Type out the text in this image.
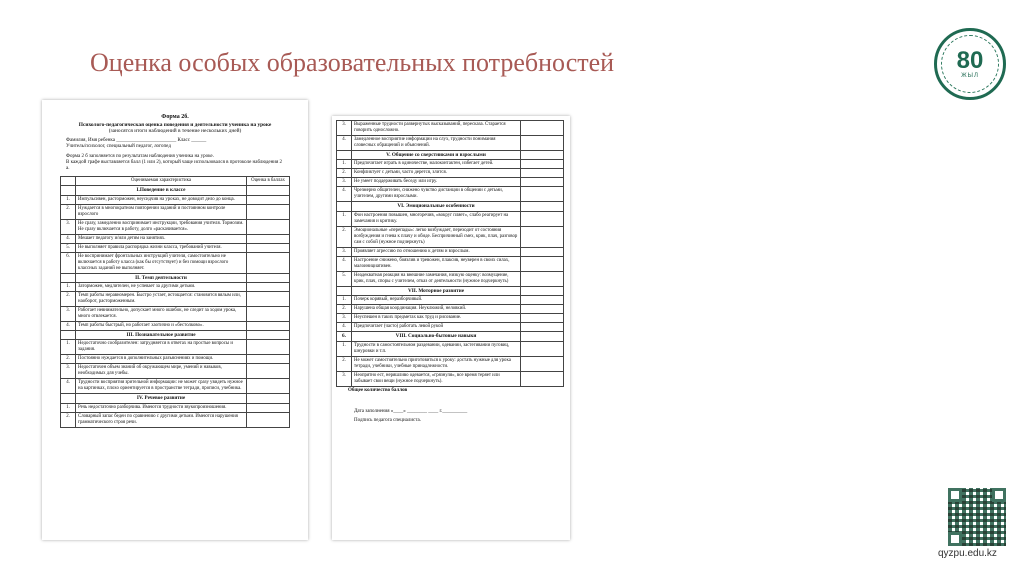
Оценка особых образовательных потребностей	80
ЖЫЛ
Форма 2б.
Психолого-педагогическая оценка поведения и деятельности ученика на уроке
(заносятся итоги наблюдений в течение нескольких дней)
Фамилия, Имя ребенка ________________________ Класс ______
Учитель/психолог, специальный педагог, логопед
Форма 2 б заполняется по результатам наблюдения ученика на уроке.
В каждой графе выставляется балл (1 или 2), который чаще использовался в протоколе наблюдения 2 а.
	Оцениваемая характеристика	Оценка в баллах
	I.Поведение в классе	
1.	Импульсивен, расторможен, неусидчив на уроках, не доводит дело до конца.	
2.	Нуждается в многократном повторении заданий и постоянном контроле взрослого	
3.	Не сразу, замедленно воспринимает инструкции, требования учителя. Тормозим. Не сразу включается в работу, долго «раскачивается».	
4.	Мешает педагогу и/или детям на занятиях.	
5.	Не выполняет правила распорядка жизни класса, требований учителя.	
6.	Не воспринимает фронтальных инструкций учителя, самостоятельно не включается в работу класса (как бы отсутствует) и без помощи взрослого классных заданий не выполняет.	
	II. Темп деятельности	
1.	Заторможен, медлителен, не успевает за другими детьми.	
2.	Темп работы неравномерен. Быстро устает, истощается: становится вялым или, наоборот, расторможенным.	
3.	Работает невнимательно, допускает много ошибок, не следит за ходом урока, много отвлекается.	
4.	Темп работы быстрый, но работает хаотично и «бестолково».	
	III. Познавательное развитие	
1.	Недостаточно сообразителен: затрудняется в ответах на простые вопросы и задания.	
2.	Постоянно нуждается в дополнительных разъяснениях и помощи.	
3.	Недостаточен объем знаний об окружающем мире, умений и навыков, необходимых для учебы.	
4.	Трудности восприятия зрительной информации: не может сразу увидеть нужное на картинках, плохо ориентируется в пространстве тетради, прописи, учебника.	
	IV. Речевое развитие	
1.	Речь недостаточно разборчива. Имеются трудности звукопроизношения.	
2.	Словарный запас беден по сравнению с другими детьми. Имеются нарушения грамматического строя речи.	
3.	Выраженные трудности развернутых высказываний, пересказа. Старается говорить односложно.	
4.	Замедленное восприятие информации на слух, трудности понимания словесных обращений и объяснений.	
	V. Общение со сверстниками и взрослыми	
1.	Предпочитает играть в одиночестве, малоконтактен, избегает детей.	
2.	Конфликтует с детьми, часто дерется, злится.	
3.	Не умеет поддерживать беседу или игру.	
4.	Чрезмерно общителен, снижено чувство дистанции в общении с детьми, учителем, другими взрослыми.	
	VI. Эмоциональные особенности	
1.	Фон настроения повышен, многоречив, «вокруг пляет», слабо реагирует на замечания и критику.	
2.	Эмоциональные «перепады»: легко возбуждает, переходит от состояния возбуждения и гнева к плачу и обиде. Беспричинный смех, крик, плач, разговор сам с собой (нужное подчеркнуть)	
3.	Проявляет агрессию по отношению к детям и взрослым.	
4.	Настроение снижено, боязлив и тревожен, плаксив, неуверен в своих силах, малоинициативен.	
5.	Неадекватная реакция на внешние замечания, низкую оценку: возмущение, крик, плач, споры с учителем, отказ от деятельности (нужное подчеркнуть)	
	VII. Моторное развитие	
1.	Почерк корявый, неразборчивый.	
2.	Нарушена общая координация. Неуклюжий, неловкий.	
3.	Неуспешен в таких предметах как труд и рисование.	
4.	Предпочитает (часто) работать левой рукой	
6.	VIII. Социально-бытовые навыки	
1.	Трудности в самостоятельном раздевании, одевании, застегивании пуговиц, шнуровки и т.п.	
2.	Не может самостоятельно приготовиться к уроку: достать нужные для урока тетради, учебники, учебные принадлежности.	
3.	Неопрятно ест, неряшливо одевается, «грязнуля», все время теряет или забывает свои вещи (нужное подчеркнуть).	
Общее количество баллов
Дата заполнения «____» ________ ____ г.__________
Подпись педагога специалиста.
qyzpu.edu.kz
